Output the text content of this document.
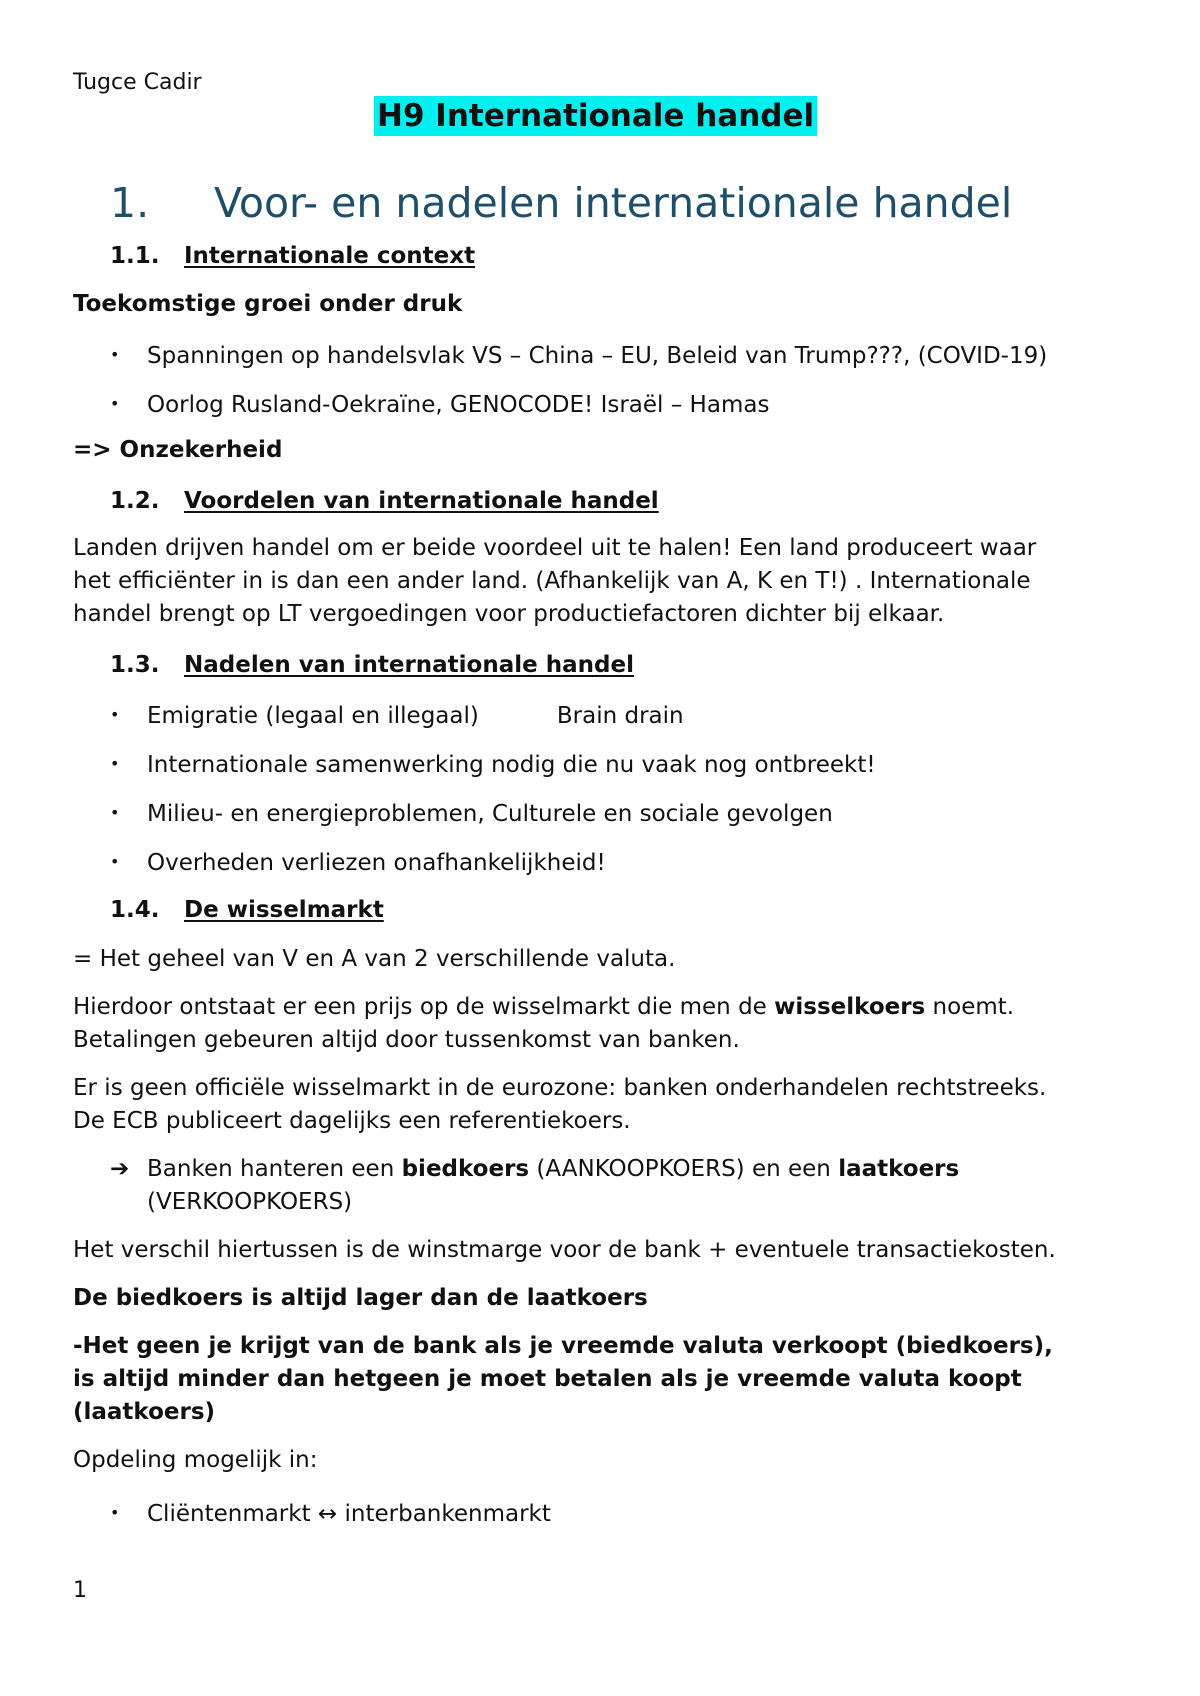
Tugce Cadir
H9 Internationale handel
1. Voor- en nadelen internationale handel
1.1. Internationale context
Toekomstige groei onder druk
• Spanningen op handelsvlak VS – China – EU, Beleid van Trump???, (COVID-19)
• Oorlog Rusland-Oekraïne, GENOCODE! Israël – Hamas
=> Onzekerheid
1.2. Voordelen van internationale handel
Landen drijven handel om er beide voordeel uit te halen! Een land produceert waar
het efficiënter in is dan een ander land. (Afhankelijk van A, K en T!) . Internationale
handel brengt op LT vergoedingen voor productiefactoren dichter bij elkaar.
1.3. Nadelen van internationale handel
• Emigratie (legaal en illegaal)	Brain drain
• Internationale samenwerking nodig die nu vaak nog ontbreekt!
• Milieu- en energieproblemen, Culturele en sociale gevolgen
• Overheden verliezen onafhankelijkheid!
1.4. De wisselmarkt
= Het geheel van V en A van 2 verschillende valuta.
Hierdoor ontstaat er een prijs op de wisselmarkt die men de wisselkoers noemt.
Betalingen gebeuren altijd door tussenkomst van banken.
Er is geen officiële wisselmarkt in de eurozone: banken onderhandelen rechtstreeks.
De ECB publiceert dagelijks een referentiekoers.
➔ Banken hanteren een biedkoers (AANKOOPKOERS) en een laatkoers
(VERKOOPKOERS)
Het verschil hiertussen is de winstmarge voor de bank + eventuele transactiekosten.
De biedkoers is altijd lager dan de laatkoers
-Het geen je krijgt van de bank als je vreemde valuta verkoopt (biedkoers),
is altijd minder dan hetgeen je moet betalen als je vreemde valuta koopt
(laatkoers)
Opdeling mogelijk in:
• Cliëntenmarkt ↔ interbankenmarkt
1
